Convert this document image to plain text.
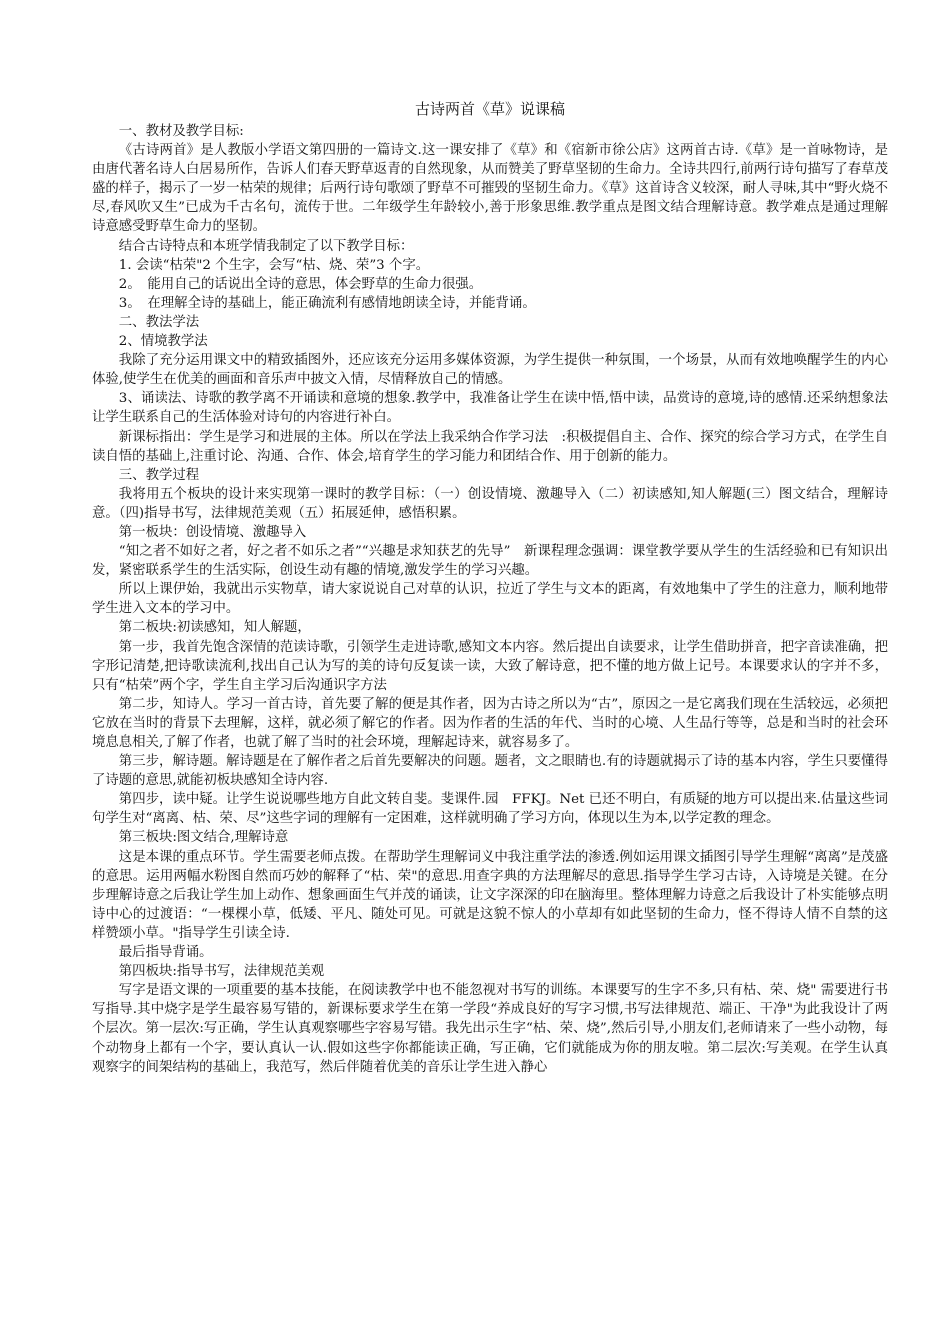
古诗两首《草》说课稿

一、教材及教学目标:

《古诗两首》是人教版小学语文第四册的一篇诗文.这一课安排了《草》和《宿新市徐公店》这两首古诗.《草》是一首咏物诗，是由唐代著名诗人白居易所作，告诉人们春天野草返青的自然现象，从而赞美了野草坚韧的生命力。全诗共四行,前两行诗句描写了春草茂盛的样子，揭示了一岁一枯荣的规律；后两行诗句歌颂了野草不可摧毁的坚韧生命力。《草》这首诗含义较深，耐人寻味,其中“野火烧不尽,春风吹又生”已成为千古名句，流传于世。二年级学生年龄较小,善于形象思维.教学重点是图文结合理解诗意。教学难点是通过理解诗意感受野草生命力的坚韧。

结合古诗特点和本班学情我制定了以下教学目标：

1. 会读“枯荣"2 个生字，会写“枯、烧、荣”3 个字。

2。　能用自己的话说出全诗的意思，体会野草的生命力很强。

3。　在理解全诗的基础上，能正确流利有感情地朗读全诗，并能背诵。

二、教法学法

2、情境教学法

我除了充分运用课文中的精致插图外，还应该充分运用多媒体资源，为学生提供一种氛围，一个场景，从而有效地唤醒学生的内心体验,使学生在优美的画面和音乐声中披文入情，尽情释放自己的情感。

3、诵读法、诗歌的教学离不开诵读和意境的想象.教学中，我准备让学生在读中悟,悟中读，品赏诗的意境,诗的感情.还采纳想象法让学生联系自己的生活体验对诗句的内容进行补白。

新课标指出：学生是学习和进展的主体。所以在学法上我采纳合作学习法　:积极提倡自主、合作、探究的综合学习方式，在学生自读自悟的基础上,注重讨论、沟通、合作、体会,培育学生的学习能力和团结合作、用于创新的能力。

三、教学过程

我将用五个板块的设计来实现第一课时的教学目标：（一）创设情境、激趣导入（二）初读感知,知人解题(三）图文结合，理解诗意。（四)指导书写，法律规范美观（五）拓展延伸，感悟积累。

第一板块：创设情境、激趣导入

“知之者不如好之者，好之者不如乐之者”“兴趣是求知获艺的先导”　新课程理念强调：课堂教学要从学生的生活经验和已有知识出发，紧密联系学生的生活实际，创设生动有趣的情境,激发学生的学习兴趣。

所以上课伊始，我就出示实物草，请大家说说自己对草的认识，拉近了学生与文本的距离，有效地集中了学生的注意力，顺利地带学生进入文本的学习中。

第二板块:初读感知，知人解题，

第一步，我首先饱含深情的范读诗歌，引领学生走进诗歌,感知文本内容。然后提出自读要求，让学生借助拼音，把字音读准确，把字形记清楚,把诗歌读流利,找出自己认为写的美的诗句反复读一读，大致了解诗意，把不懂的地方做上记号。本课要求认的字并不多，只有“枯荣”两个字，学生自主学习后沟通识字方法

第二步，知诗人。学习一首古诗，首先要了解的便是其作者，因为古诗之所以为“古”，原因之一是它离我们现在生活较远，必须把它放在当时的背景下去理解，这样，就必须了解它的作者。因为作者的生活的年代、当时的心境、人生品行等等，总是和当时的社会环境息息相关,了解了作者，也就了解了当时的社会环境，理解起诗来，就容易多了。

第三步，解诗题。解诗题是在了解作者之后首先要解决的问题。题者，文之眼睛也.有的诗题就揭示了诗的基本内容，学生只要懂得了诗题的意思,就能初板块感知全诗内容.

第四步，读中疑。让学生说说哪些地方自此文转自斐。斐课件.园　FFKJ。Net 已还不明白，有质疑的地方可以提出来.估量这些词句学生对“离离、枯、荣、尽”这些字词的理解有一定困难，这样就明确了学习方向，体现以生为本,以学定教的理念。

第三板块:图文结合,理解诗意

这是本课的重点环节。学生需要老师点拨。在帮助学生理解词义中我注重学法的渗透.例如运用课文插图引导学生理解“离离”是茂盛的意思。运用两幅水粉图自然而巧妙的解释了“枯、荣"的意思.用查字典的方法理解尽的意思.指导学生学习古诗，入诗境是关键。在分步理解诗意之后我让学生加上动作、想象画面生气并茂的诵读，让文字深深的印在脑海里。整体理解力诗意之后我设计了朴实能够点明诗中心的过渡语：“一棵棵小草，低矮、平凡、随处可见。可就是这貌不惊人的小草却有如此坚韧的生命力，怪不得诗人情不自禁的这样赞颂小草。"指导学生引读全诗.

最后指导背诵。

第四板块:指导书写，法律规范美观

写字是语文课的一项重要的基本技能，在阅读教学中也不能忽视对书写的训练。本课要写的生字不多,只有枯、荣、烧" 需要进行书写指导.其中烧字是学生最容易写错的，新课标要求学生在第一学段“养成良好的写字习惯,书写法律规范、端正、干净"为此我设计了两个层次。第一层次:写正确，学生认真观察哪些字容易写错。我先出示生字“枯、荣、烧”,然后引导,小朋友们,老师请来了一些小动物，每个动物身上都有一个字，要认真认一认.假如这些字你都能读正确，写正确，它们就能成为你的朋友啦。第二层次:写美观。在学生认真观察字的间架结构的基础上，我范写，然后伴随着优美的音乐让学生进入静心
